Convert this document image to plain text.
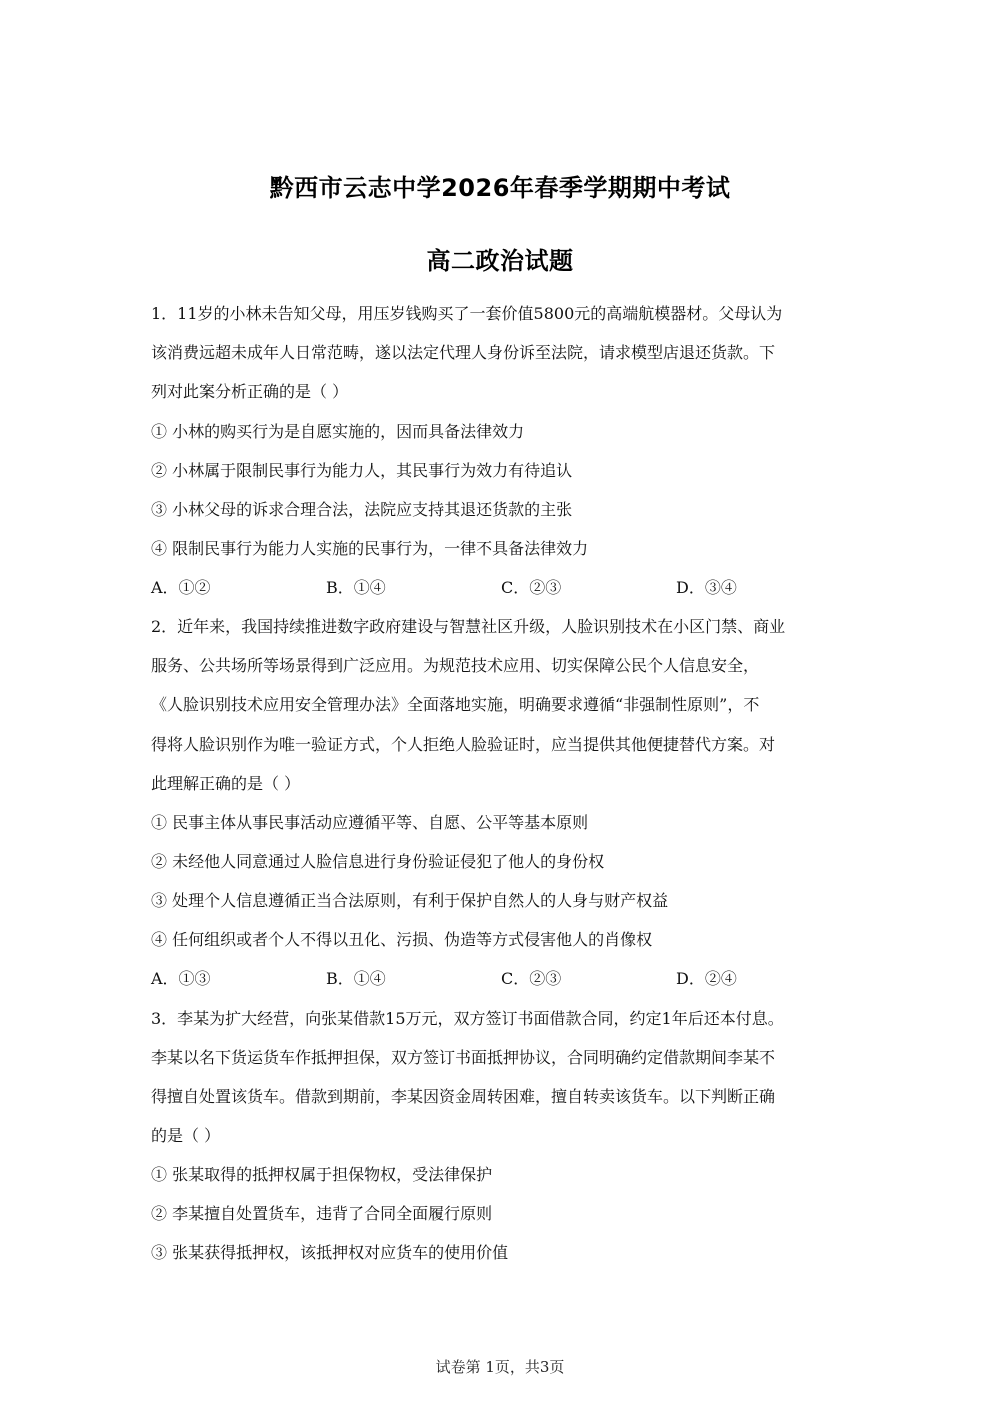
黔西市云志中学2026年春季学期期中考试
高二政治试题
1．11岁的小林未告知父母，用压岁钱购买了一套价值5800元的高端航模器材。父母认为
该消费远超未成年人日常范畴，遂以法定代理人身份诉至法院，请求模型店退还货款。下
列对此案分析正确的是（ ）
① 小林的购买行为是自愿实施的，因而具备法律效力
② 小林属于限制民事行为能力人，其民事行为效力有待追认
③ 小林父母的诉求合理合法，法院应支持其退还货款的主张
④ 限制民事行为能力人实施的民事行为，一律不具备法律效力
A．①②	B．①④	C．②③	D．③④
2．近年来，我国持续推进数字政府建设与智慧社区升级，人脸识别技术在小区门禁、商业
服务、公共场所等场景得到广泛应用。为规范技术应用、切实保障公民个人信息安全，
《人脸识别技术应用安全管理办法》全面落地实施，明确要求遵循“非强制性原则”，不
得将人脸识别作为唯一验证方式，个人拒绝人脸验证时，应当提供其他便捷替代方案。对
此理解正确的是（ ）
① 民事主体从事民事活动应遵循平等、自愿、公平等基本原则
② 未经他人同意通过人脸信息进行身份验证侵犯了他人的身份权
③ 处理个人信息遵循正当合法原则，有利于保护自然人的人身与财产权益
④ 任何组织或者个人不得以丑化、污损、伪造等方式侵害他人的肖像权
A．①③	B．①④	C．②③	D．②④
3．李某为扩大经营，向张某借款15万元，双方签订书面借款合同，约定1年后还本付息。
李某以名下货运货车作抵押担保，双方签订书面抵押协议，合同明确约定借款期间李某不
得擅自处置该货车。借款到期前，李某因资金周转困难，擅自转卖该货车。以下判断正确
的是（ ）
① 张某取得的抵押权属于担保物权，受法律保护
② 李某擅自处置货车，违背了合同全面履行原则
③ 张某获得抵押权，该抵押权对应货车的使用价值
试卷第 1页，共3页
